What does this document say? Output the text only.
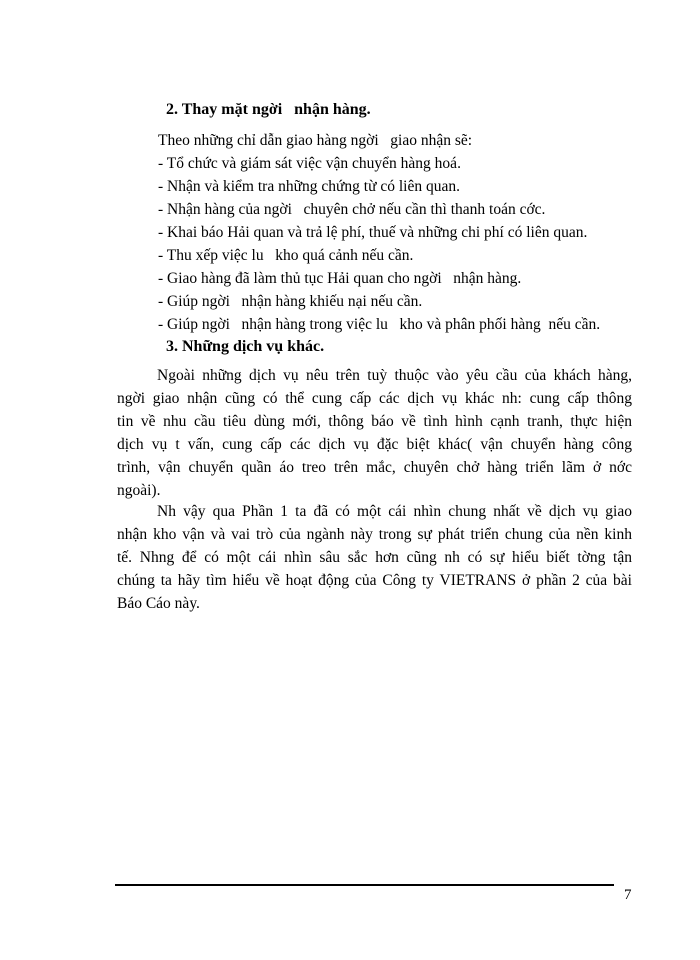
2. Thay mặt ngời   nhận hàng.
Theo những chỉ dẫn giao hàng ngời   giao nhận sẽ:
- Tổ chức và giám sát việc vận chuyển hàng hoá.
- Nhận và kiểm tra những chứng từ có liên quan.
- Nhận hàng của ngời   chuyên chở nếu cần thì thanh toán cớc.
- Khai báo Hải quan và trả lệ phí, thuế và những chi phí có liên quan.
- Thu xếp việc lu   kho quá cảnh nếu cần.
- Giao hàng đã làm thủ tục Hải quan cho ngời   nhận hàng.
- Giúp ngời   nhận hàng khiếu nại nếu cần.
- Giúp ngời   nhận hàng trong việc lu   kho và phân phối hàng  nếu cần.
3. Những dịch vụ khác.
Ngoài những dịch vụ nêu trên tuỳ thuộc vào yêu cầu của khách hàng,
ngời giao nhận cũng có thể cung cấp các dịch vụ khác nh: cung cấp thông
tin về nhu cầu tiêu dùng mới, thông báo về tình hình cạnh tranh, thực hiện
dịch vụ t vấn, cung cấp các dịch vụ đặc biệt khác( vận chuyển hàng công
trình, vận chuyển quần áo treo trên mắc, chuyên chở hàng triển lãm ở nớc
ngoài).
Nh vậy qua Phần 1 ta đã có một cái nhìn chung nhất về dịch vụ giao
nhận kho vận và vai trò của ngành này trong sự phát triển chung của nền kinh
tế. Nhng để có một cái nhìn sâu sắc hơn cũng nh có sự hiểu biết tờng tận
chúng ta hãy tìm hiểu về hoạt động của Công ty VIETRANS ở phần 2 của bài
Báo Cáo này.
7
